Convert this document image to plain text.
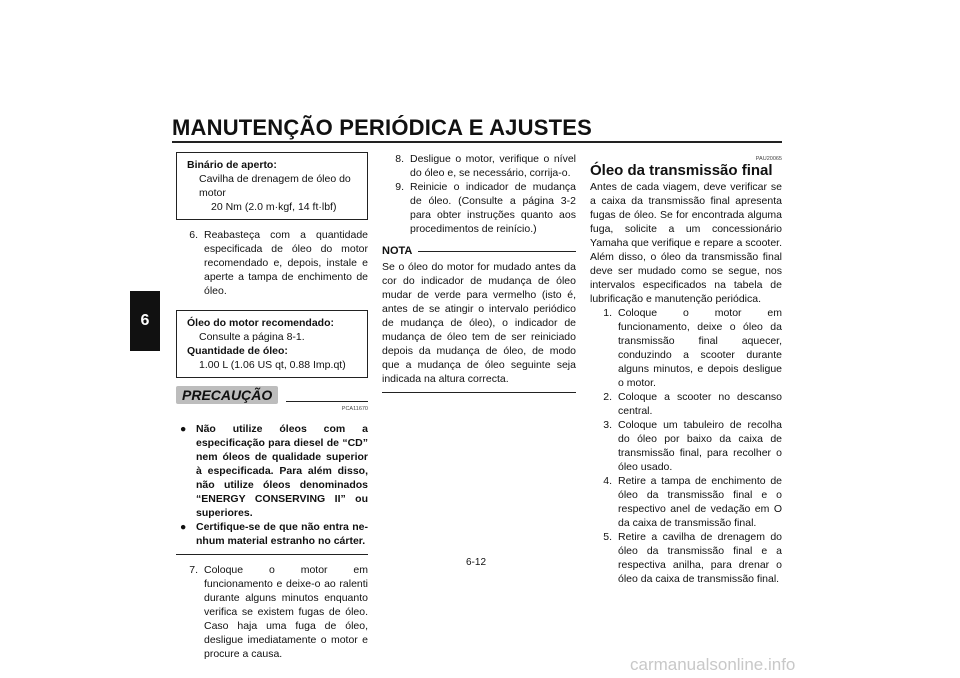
MANUTENÇÃO PERIÓDICA E AJUSTES
6
Binário de aperto:
Cavilha de drenagem de óleo do motor
20 Nm (2.0 m·kgf, 14 ft·lbf)
6. Reabasteça com a quantidade especificada de óleo do motor recomendado e, depois, instale e aperte a tampa de enchimento de óleo.
Óleo do motor recomendado:
Consulte a página 8-1.
Quantidade de óleo:
1.00 L (1.06 US qt, 0.88 Imp.qt)
PRECAUÇÃO
PCA11670
● Não utilize óleos com a especificação para diesel de “CD” nem óleos de qualidade superior à especificada. Para além disso, não utilize óleos denominados “ENERGY CONSERVING II” ou superiores.
● Certifique-se de que não entra nenhum material estranho no cárter.
7. Coloque o motor em funcionamento e deixe-o ao ralenti durante alguns minutos enquanto verifica se existem fugas de óleo. Caso haja uma fuga de óleo, desligue imediatamente o motor e procure a causa.
8. Desligue o motor, verifique o nível do óleo e, se necessário, corrija-o.
9. Reinicie o indicador de mudança de óleo. (Consulte a página 3-2 para obter instruções quanto aos procedimentos de reinício.)
NOTA
Se o óleo do motor for mudado antes da cor do indicador de mudança de óleo mudar de verde para vermelho (isto é, antes de se atingir o intervalo periódico de mudança de óleo), o indicador de mudança de óleo tem de ser reiniciado depois da mudança de óleo, de modo que a mudança de óleo seguinte seja indicada na altura correcta.
PAU20065
Óleo da transmissão final
Antes de cada viagem, deve verificar se a caixa da transmissão final apresenta fugas de óleo. Se for encontrada alguma fuga, solicite a um concessionário Yamaha que verifique e repare a scooter. Além disso, o óleo da transmissão final deve ser mudado como se segue, nos intervalos especificados na tabela de lubrificação e manutenção periódica.
1. Coloque o motor em funcionamento, deixe o óleo da transmissão final aquecer, conduzindo a scooter durante alguns minutos, e depois desligue o motor.
2. Coloque a scooter no descanso central.
3. Coloque um tabuleiro de recolha do óleo por baixo da caixa de transmissão final, para recolher o óleo usado.
4. Retire a tampa de enchimento de óleo da transmissão final e o respectivo anel de vedação em O da caixa de transmissão final.
5. Retire a cavilha de drenagem do óleo da transmissão final e a respectiva anilha, para drenar o óleo da caixa de transmissão final.
6-12
carmanualsonline.info
